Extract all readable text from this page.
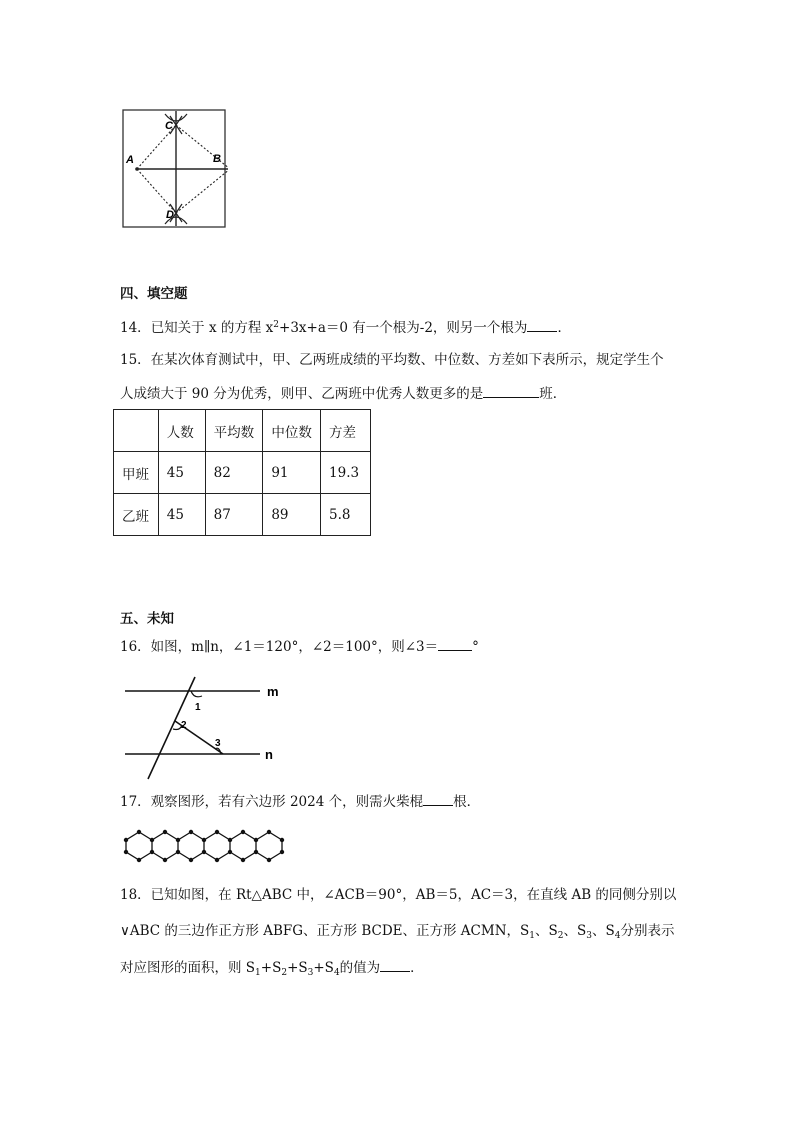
A	B
C
D
四、填空题
14．已知关于 x 的方程 $x^2+3x+a=0$ 有一个根为-2，则另一个根为 ．
15．在某次体育测试中，甲、乙两班成绩的平均数、中位数、方差如下表所示，规定学生个
人成绩大于 90 分为优秀，则甲、乙两班中优秀人数更多的是	班．
	人数	平均数	中位数	方差
甲班	45	82	91	19.3
乙班	45	87	89	5.8
五、未知
16．如图，m∥n，∠1＝120°，∠2＝100°，则∠3＝	°
m
n
1
2
3
17．观察图形，若有六边形 2024 个，则需火柴棍 根．
18．已知如图，在 Rt△ABC 中，∠ACB＝90°，AB＝5，AC＝3，在直线 AB 的同侧分别以
∨ABC 的三边作正方形 ABFG、正方形 BCDE、正方形 ACMN，$S_1$、$S_2$、$S_3$、$S_4$分别表示
对应图形的面积，则 $S_1+S_2+S_3+S_4$的值为 ．
